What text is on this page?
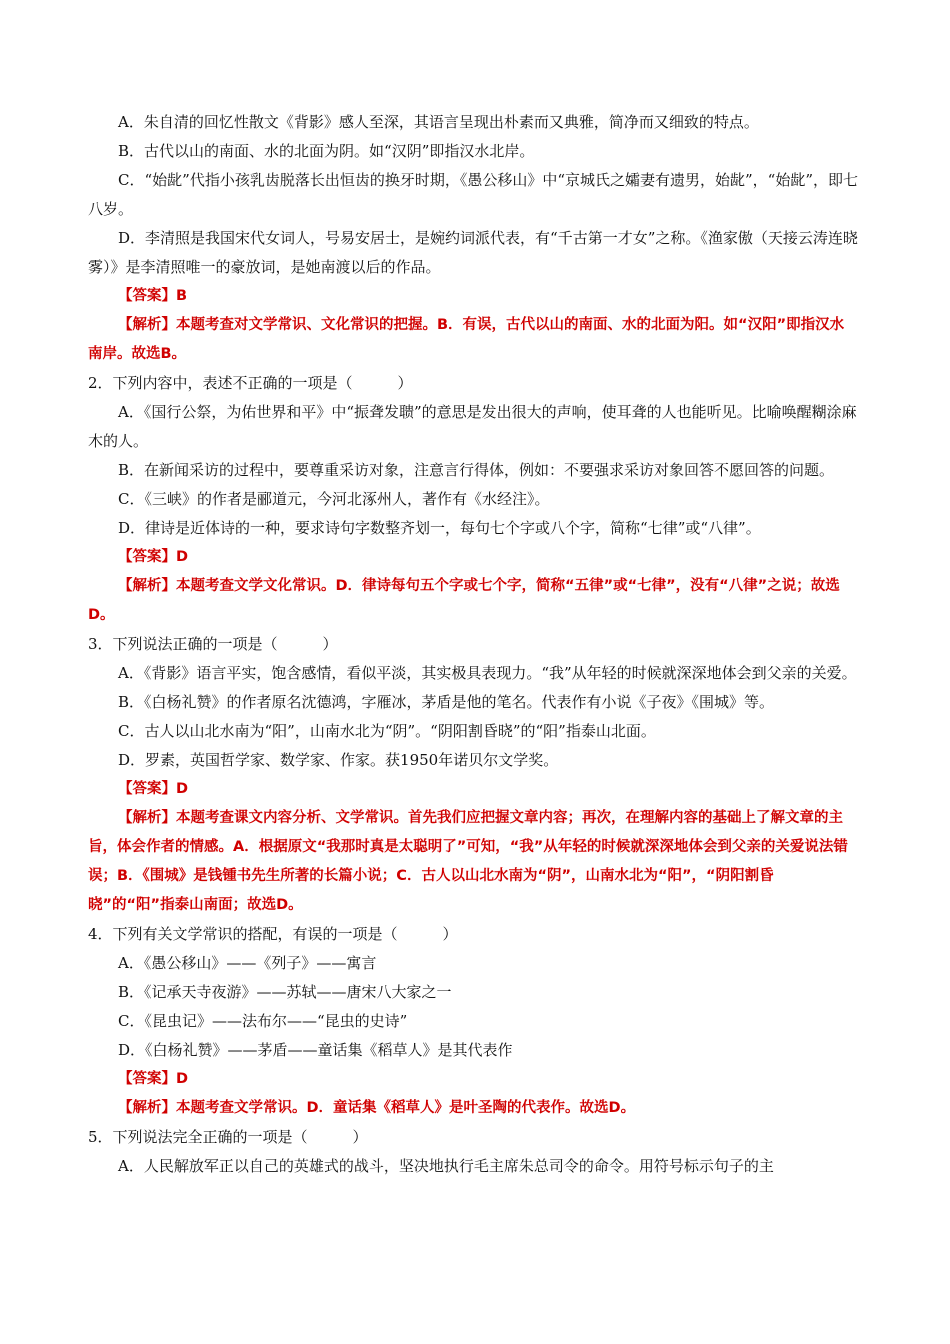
A．朱自清的回忆性散文《背影》感人至深，其语言呈现出朴素而又典雅，简净而又细致的特点。

B．古代以山的南面、水的北面为阴。如“汉阴”即指汉水北岸。

C．“始龀”代指小孩乳齿脱落长出恒齿的换牙时期，《愚公移山》中“京城氏之孀妻有遗男，始龀”，“始龀”，即七八岁。

D．李清照是我国宋代女词人，号易安居士，是婉约词派代表，有“千古第一才女”之称。《渔家傲（天接云涛连晓雾）》是李清照唯一的豪放词，是她南渡以后的作品。

【答案】B

【解析】本题考查对文学常识、文化常识的把握。B．有误，古代以山的南面、水的北面为阳。如“汉阳”即指汉水南岸。故选B。

2．下列内容中，表述不正确的一项是（　　　）

A．《国行公祭，为佑世界和平》中“振聋发聩”的意思是发出很大的声响，使耳聋的人也能听见。比喻唤醒糊涂麻木的人。

B．在新闻采访的过程中，要尊重采访对象，注意言行得体，例如：不要强求采访对象回答不愿回答的问题。

C．《三峡》的作者是郦道元，今河北涿州人，著作有《水经注》。

D．律诗是近体诗的一种，要求诗句字数整齐划一，每句七个字或八个字，简称“七律”或“八律”。

【答案】D

【解析】本题考查文学文化常识。D．律诗每句五个字或七个字，简称“五律”或“七律”，没有“八律”之说；故选D。

3．下列说法正确的一项是（　　　）

A．《背影》语言平实，饱含感情，看似平淡，其实极具表现力。“我”从年轻的时候就深深地体会到父亲的关爱。

B．《白杨礼赞》的作者原名沈德鸿，字雁冰，茅盾是他的笔名。代表作有小说《子夜》《围城》等。

C．古人以山北水南为“阳”，山南水北为“阴”。“阴阳割昏晓”的“阳”指泰山北面。

D．罗素，英国哲学家、数学家、作家。获1950年诺贝尔文学奖。

【答案】D

【解析】本题考查课文内容分析、文学常识。首先我们应把握文章内容；再次，在理解内容的基础上了解文章的主旨，体会作者的情感。A．根据原文“我那时真是太聪明了”可知，“我”从年轻的时候就深深地体会到父亲的关爱说法错误；B．《围城》是钱锺书先生所著的长篇小说；C．古人以山北水南为“阴”，山南水北为“阳”，“阴阳割昏晓”的“阳”指泰山南面；故选D。

4．下列有关文学常识的搭配，有误的一项是（　　　）

A．《愚公移山》——《列子》——寓言

B．《记承天寺夜游》——苏轼——唐宋八大家之一

C．《昆虫记》——法布尔——“昆虫的史诗”

D．《白杨礼赞》——茅盾——童话集《稻草人》是其代表作

【答案】D

【解析】本题考查文学常识。D．童话集《稻草人》是叶圣陶的代表作。故选D。

5．下列说法完全正确的一项是（　　　）

A．人民解放军正以自己的英雄式的战斗，坚决地执行毛主席朱总司令的命令。用符号标示句子的主
